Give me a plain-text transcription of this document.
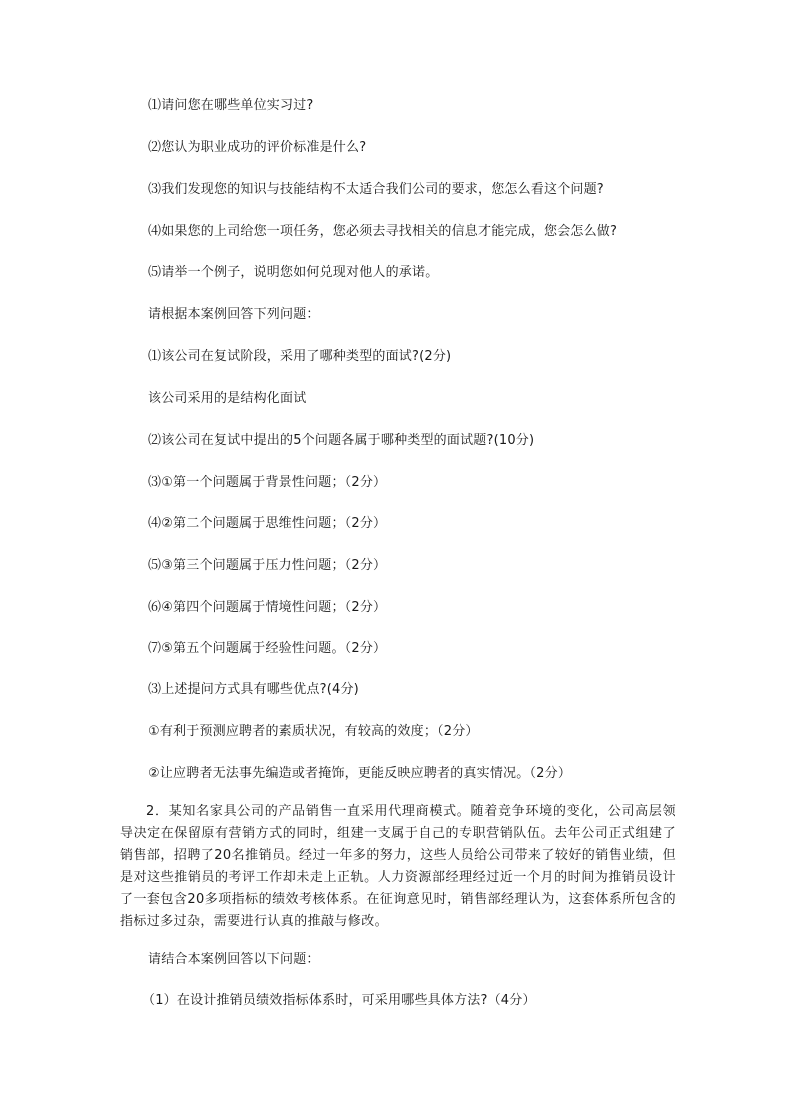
⑴请问您在哪些单位实习过?
⑵您认为职业成功的评价标准是什么?
⑶我们发现您的知识与技能结构不太适合我们公司的要求，您怎么看这个问题?
⑷如果您的上司给您一项任务，您必须去寻找相关的信息才能完成，您会怎么做?
⑸请举一个例子，说明您如何兑现对他人的承诺。
请根据本案例回答下列问题：
⑴该公司在复试阶段，采用了哪种类型的面试?(2分)
该公司采用的是结构化面试
⑵该公司在复试中提出的5个问题各属于哪种类型的面试题?(10分)
⑶①第一个问题属于背景性问题；（2分）
⑷②第二个问题属于思维性问题；（2分）
⑸③第三个问题属于压力性问题；（2分）
⑹④第四个问题属于情境性问题；（2分）
⑺⑤第五个问题属于经验性问题。（2分）
⑶上述提问方式具有哪些优点?(4分)
①有利于预测应聘者的素质状况，有较高的效度；（2分）
②让应聘者无法事先编造或者掩饰，更能反映应聘者的真实情况。（2分）
2．某知名家具公司的产品销售一直采用代理商模式。随着竞争环境的变化，公司高层领导决定在保留原有营销方式的同时，组建一支属于自己的专职营销队伍。去年公司正式组建了销售部，招聘了20名推销员。经过一年多的努力，这些人员给公司带来了较好的销售业绩，但是对这些推销员的考评工作却未走上正轨。人力资源部经理经过近一个月的时间为推销员设计了一套包含20多项指标的绩效考核体系。在征询意见时，销售部经理认为，这套体系所包含的指标过多过杂，需要进行认真的推敲与修改。
请结合本案例回答以下问题：
（1）在设计推销员绩效指标体系时，可采用哪些具体方法?（4分）
